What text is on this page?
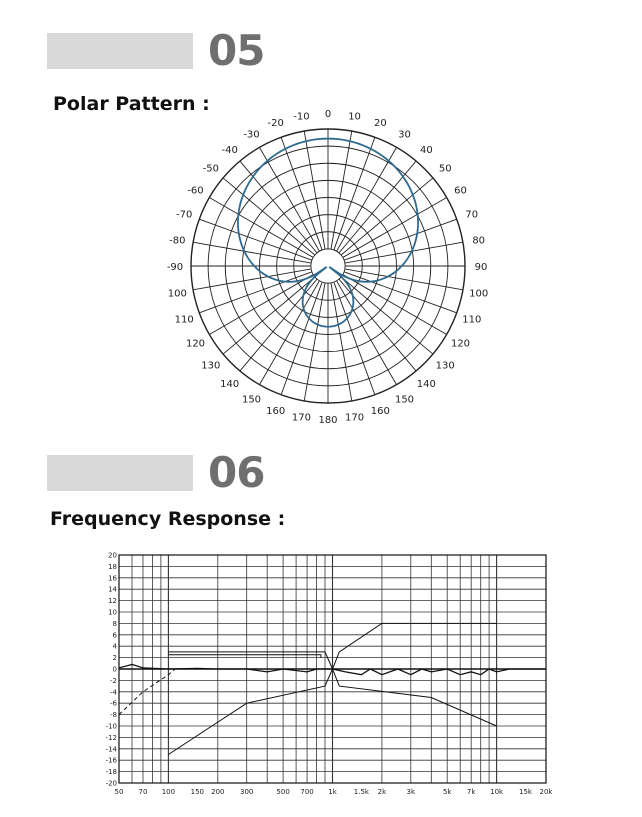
05
Polar Pattern :	0 10
20
30
40
50
60
70
80
90
100
110
120
130
140
150
160
170
180
170
160
150
140
130
120
110
100
-90
-80
-70
-60
-50
-40
-30
-20
-10
06
Frequency Response :
20
18
16
14
12
10
8
6
4
2
0
-2
-4
-6
-8
-10
-12
-14
-16
-18
-20
50 70 100 150 200 300	500 700 1k 1.5k 2k	3k	5k 7k 10k 15k 20k
